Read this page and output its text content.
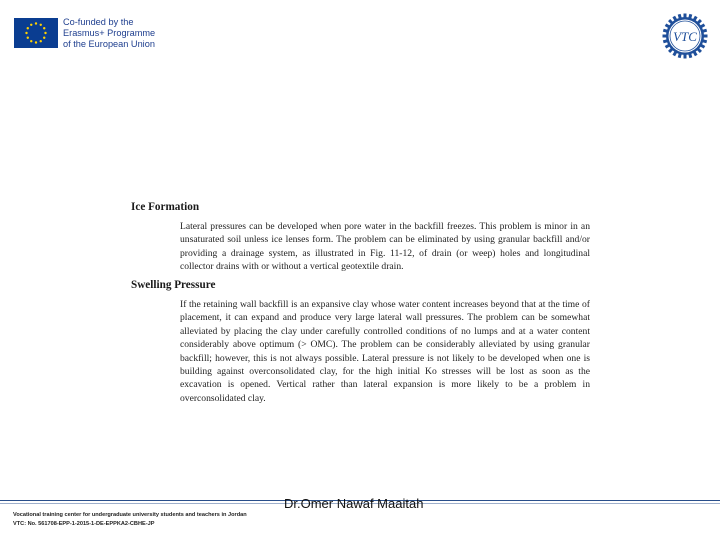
Co-funded by the
Erasmus+ Programme
of the European Union	VTC
Ice Formation

Lateral pressures can be developed when pore water in the backfill freezes. This problem is minor in an unsaturated soil unless ice lenses form. The problem can be eliminated by using granular backfill and/or providing a drainage system, as illustrated in Fig. 11-12, of drain (or weep) holes and longitudinal collector drains with or without a vertical geotextile drain.

Swelling Pressure

If the retaining wall backfill is an expansive clay whose water content increases beyond that at the time of placement, it can expand and produce very large lateral wall pressures. The problem can be somewhat alleviated by placing the clay under carefully controlled conditions of no lumps and at a water content considerably above optimum (> OMC). The problem can be considerably alleviated by using granular backfill; however, this is not always possible. Lateral pressure is not likely to be developed when one is building against overconsolidated clay, for the high initial Ko stresses will be lost as soon as the excavation is opened. Vertical rather than lateral expansion is more likely to be a problem in overconsolidated clay.

Vocational training center for undergraduate university students and teachers in Jordan
VTC: No. 561708-EPP-1-2015-1-DE-EPPKA2-CBHE-JP
Dr.Omer Nawaf Maaitah
